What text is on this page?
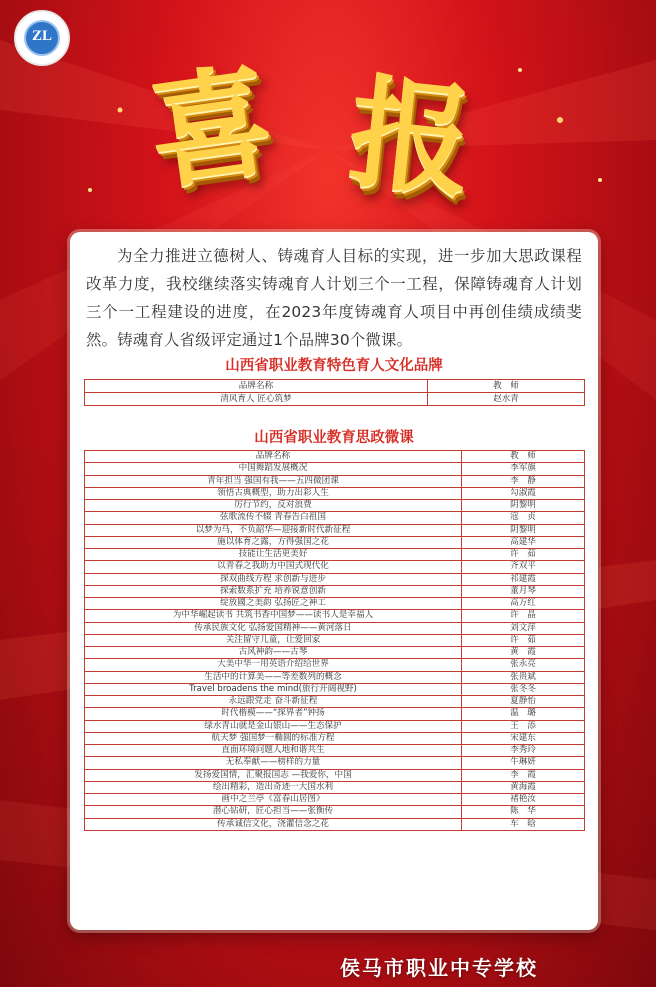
ZL
喜 报

为全力推进立德树人、铸魂育人目标的实现，进一步加大思政课程改革力度，我校继续落实铸魂育人计划三个一工程，保障铸魂育人计划三个一工程建设的进度，在2023年度铸魂育人项目中再创佳绩成绩斐然。铸魂育人省级评定通过1个品牌30个微课。

山西省职业教育特色育人文化品牌
品牌名称	教　师
清风育人 匠心筑梦	赵水青
山西省职业教育思政微课
品牌名称	教　师
中国舞蹈发展概况	李军旗
青年担当 强国有我——五四微团课	李　静
领悟古典概型，助力出彩人生	勾淑霞
厉行节约，反对浪费	阴黎明
弦歌流传不辍 青春告白祖国	寇　贞
以梦为马，不负韶华—迎接新时代新征程	阴黎明
施以体育之露，方得强国之花	高建华
技能让生活更美好	许　茹
以青春之我助力中国式现代化	齐双平
探双曲线方程 求创新与进步	祁建霞
探索数系扩充 培养锐意创新	董月琴
绽放國之美韵 弘扬匠之神工	高万红
为中华崛起读书 共筑书香中国梦——读书人是幸福人	许　晶
传承民族文化 弘扬爱国精神——黄河落日	刘文萍
关注留守儿童，让爱回家	许　茹
古风神韵——古琴	黄　霞
大美中华一用英语介绍给世界	张永亮
生活中的计算美——等差数列的概念	张贵斌
Travel broadens the mind(旅行开阔视野)	张冬冬
永远跟党走 奋斗新征程	夏静怡
时代楷模——“探界者”钟扬	温　璐
绿水青山就是金山银山——生态保护	王　添
航天梦 强国梦一椭圆的标准方程	宋建东
直面环境问题人地和谐共生	李秀玲
无私奉献——榜样的力量	牛琳妍
发扬爱国情，汇聚报国志 —我爱你，中国	李　霞
绘出精彩，造出奇迹一大国水利	黄海霞
画中之兰亭《富春山居图》	褚艳汝
潜心钻研，匠心担当——张衡传	陈　华
传承诚信文化，浇灌信念之花	车　晗
侯马市职业中专学校
